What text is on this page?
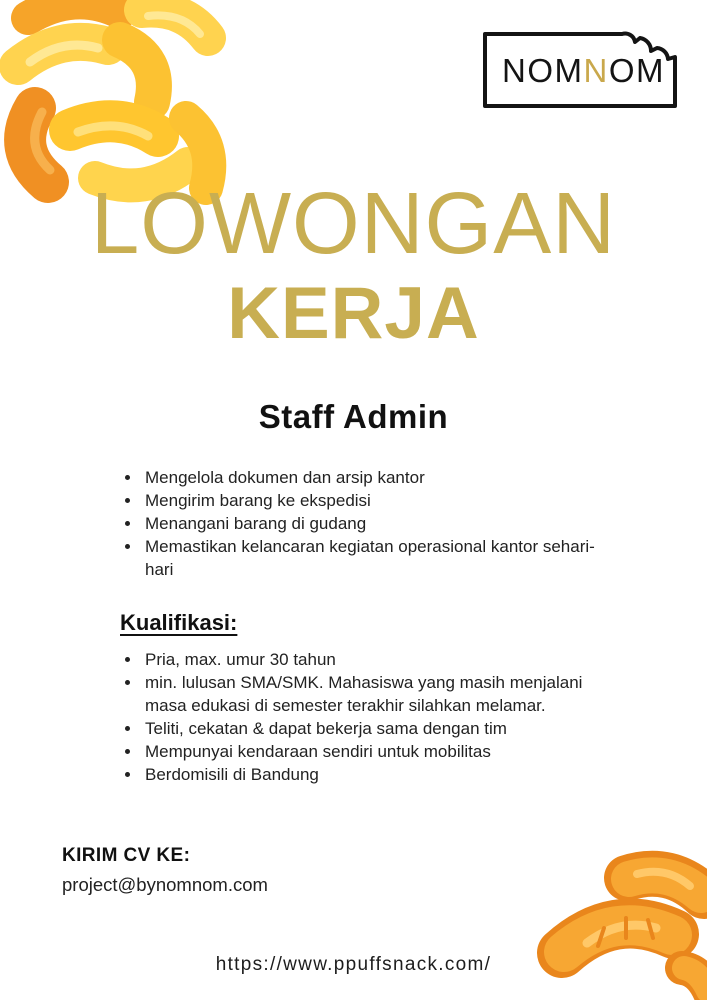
NOMNOM
LOWONGAN
KERJA
Staff Admin
• Mengelola dokumen dan arsip kantor
• Mengirim barang ke ekspedisi
• Menangani barang di gudang
• Memastikan kelancaran kegiatan operasional kantor sehari-hari
Kualifikasi:
• Pria, max. umur 30 tahun
• min. lulusan SMA/SMK. Mahasiswa yang masih menjalani masa edukasi di semester terakhir silahkan melamar.
• Teliti, cekatan & dapat bekerja sama dengan tim
• Mempunyai kendaraan sendiri untuk mobilitas
• Berdomisili di Bandung
KIRIM CV KE:
project@bynomnom.com
https://www.ppuffsnack.com/
